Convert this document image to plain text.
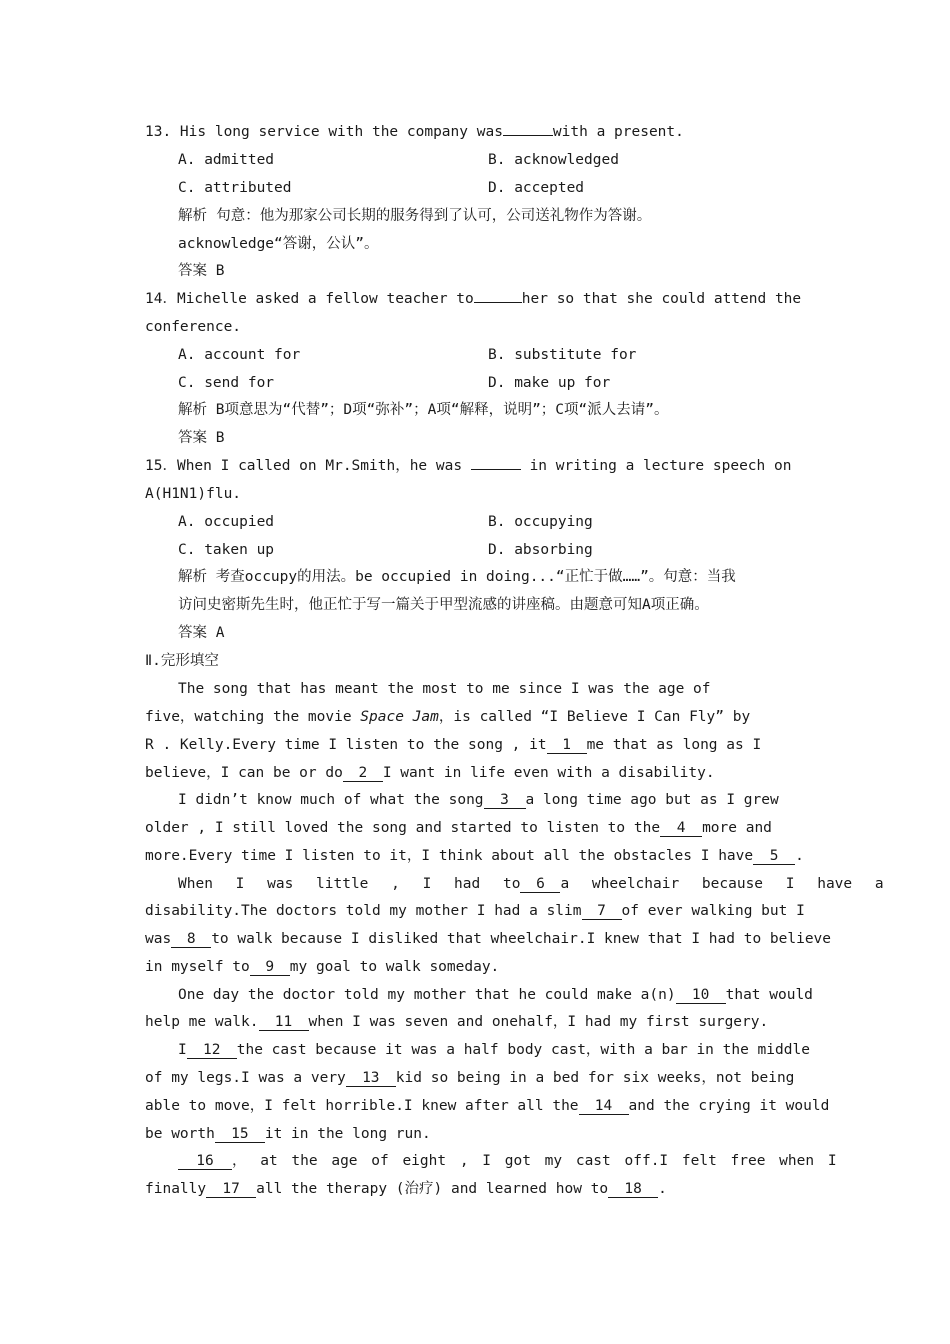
13. His long service with the company was	with a present.
A. admitted	B. acknowledged
C. attributed	D. accepted
解析  句意：他为那家公司长期的服务得到了认可，公司送礼物作为答谢。
acknowledge“答谢，公认”。
答案 B
14．Michelle asked a fellow teacher to	her so that she could attend the
conference.
A. account for	B. substitute for
C. send for	D. make up for
解析 B项意思为“代替”；D项“弥补”；A项“解释，说明”；C项“派人去请”。
答案 B
15．When I called on Mr.Smith，he was	in writing a lecture speech on
A(H1N1)flu.
A. occupied	B. occupying
C. taken up	D. absorbing
解析 考查occupy的用法。be occupied in doing...“正忙于做……”。句意：当我
访问史密斯先生时，他正忙于写一篇关于甲型流感的讲座稿。由题意可知A项正确。
答案 A
Ⅱ.完形填空
The song that has meant the most to me since I was the age of
five，watching the movie Space Jam，is called “I Believe I Can Fly” by
R . Kelly.Every time I listen to the song , it 1 me that as long as I
believe，I can be or do 2 I want in life even with a disability.
I didn’t know much of what the song 3 a long time ago but as I grew
older , I still loved the song and started to listen to the 4 more and
more.Every time I listen to it，I think about all the obstacles I have 5 .
When I was little , I had to 6 a wheelchair because I have a
disability.The doctors told my mother I had a slim 7 of ever walking but I
was 8 to walk because I disliked that wheelchair.I knew that I had to believe
in myself to 9 my goal to walk someday.
One day the doctor told my mother that he could make a(n) 10 that would
help me walk. 11 when I was seven and onehalf，I had my first surgery.
I 12 the cast because it was a half body cast，with a bar in the middle
of my legs.I was a very 13 kid so being in a bed for six weeks，not being
able to move，I felt horrible.I knew after all the 14 and the crying it would
be worth 15 it in the long run.
16 ， at the age of eight , I got my cast off.I felt free when I
finally 17 all the therapy (治疗) and learned how to 18 .
